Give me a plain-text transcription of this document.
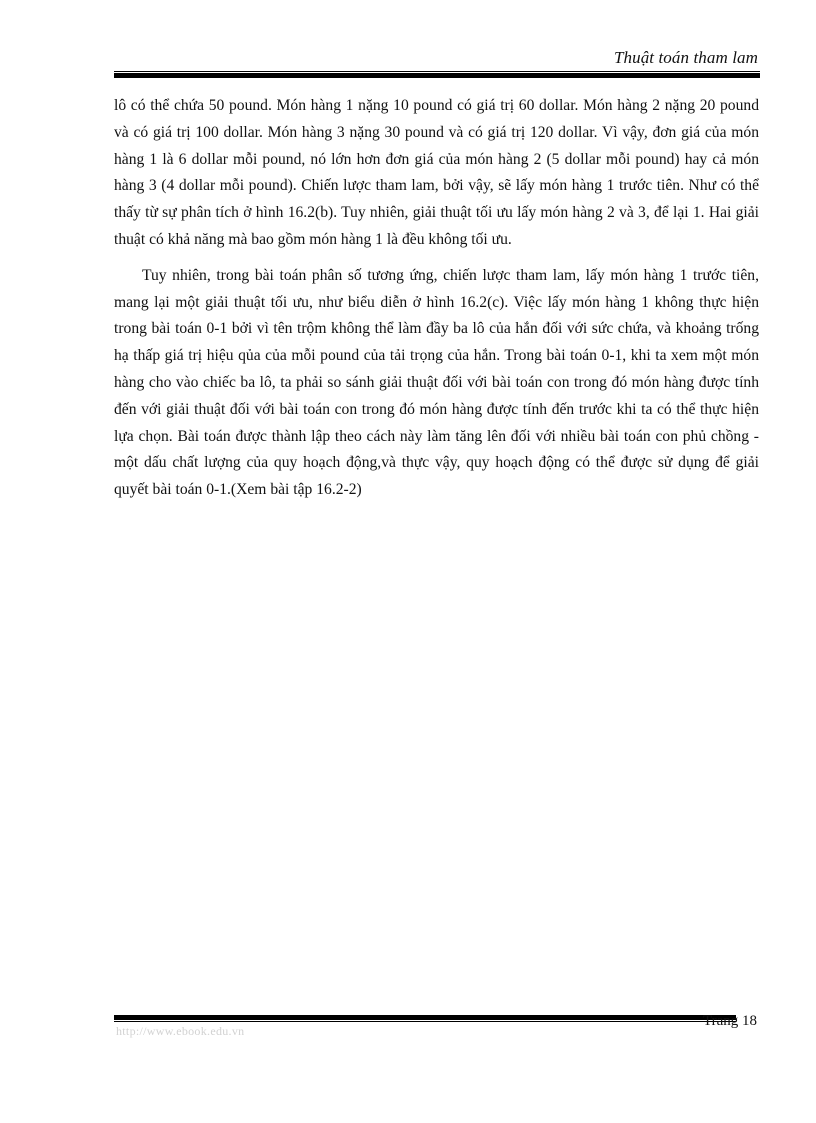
Thuật toán tham lam

lô có thể chứa 50 pound. Món hàng 1 nặng 10 pound có giá trị 60 dollar. Món hàng 2 nặng 20 pound và có giá trị 100 dollar. Món hàng 3 nặng 30 pound và có giá trị 120 dollar. Vì vậy, đơn giá của món hàng 1 là 6 dollar mỗi pound, nó lớn hơn đơn giá của món hàng 2 (5 dollar mỗi pound) hay cả món hàng 3 (4 dollar mỗi pound). Chiến lược tham lam, bởi vậy, sẽ lấy món hàng 1 trước tiên. Như có thể thấy từ sự phân tích ở hình 16.2(b). Tuy nhiên, giải thuật tối ưu lấy món hàng 2 và 3, để lại 1. Hai giải thuật có khả năng mà bao gồm món hàng 1 là đều không tối ưu.

Tuy nhiên, trong bài toán phân số tương ứng, chiến lược tham lam, lấy món hàng 1 trước tiên, mang lại một giải thuật tối ưu, như biểu diễn ở hình 16.2(c). Việc lấy món hàng 1 không thực hiện trong bài toán 0-1 bởi vì tên trộm không thể làm đầy ba lô của hắn đối với sức chứa, và khoảng trống hạ thấp giá trị hiệu qủa của mỗi pound của tải trọng của hắn. Trong bài toán 0-1, khi ta xem một món hàng cho vào chiếc ba lô, ta phải so sánh giải thuật đối với bài toán con trong đó món hàng được tính đến với giải thuật đối với bài toán con trong đó món hàng được tính đến trước khi ta có thể thực hiện lựa chọn. Bài toán được thành lập theo cách này làm tăng lên đối với nhiều bài toán con phủ chồng - một dấu chất lượng của quy hoạch động,và thực vậy, quy hoạch động có thể được sử dụng để giải quyết bài toán 0-1.(Xem bài tập 16.2-2)

http://www.ebook.edu.vn
Trang 18
